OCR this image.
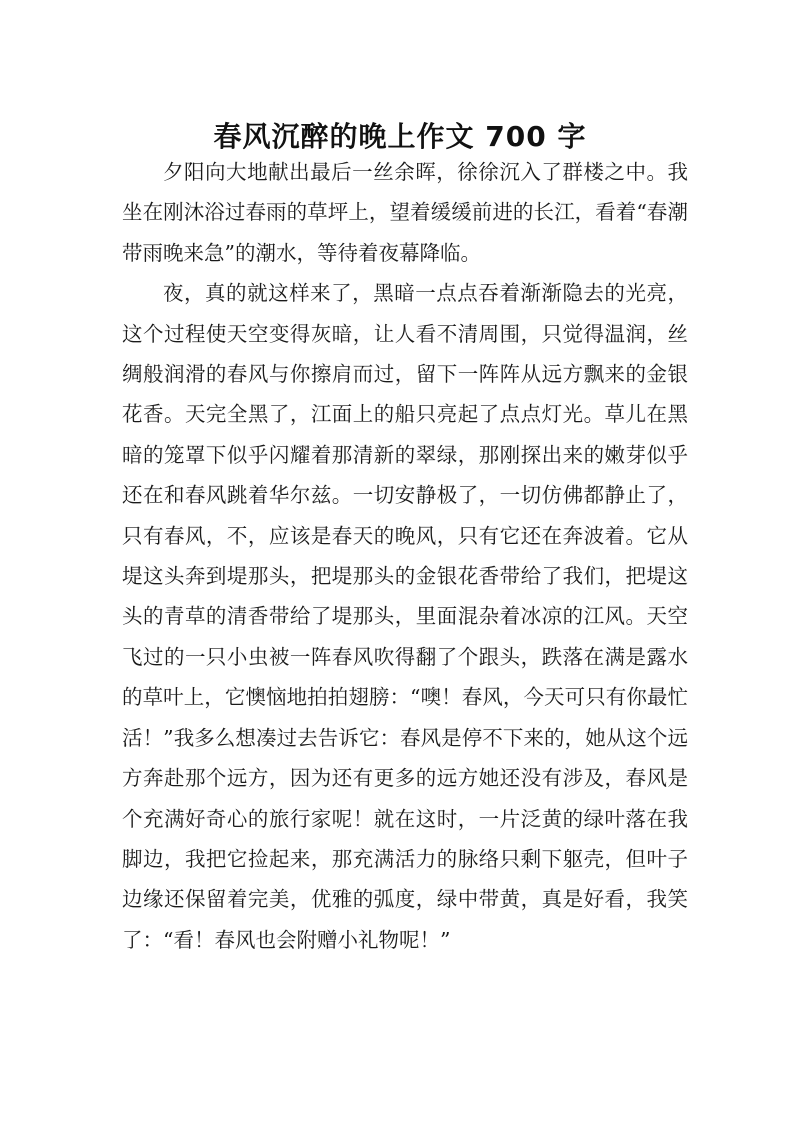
春风沉醉的晚上作文 700 字

夕阳向大地献出最后一丝余晖，徐徐沉入了群楼之中。我坐在刚沐浴过春雨的草坪上，望着缓缓前进的长江，看着“春潮带雨晚来急”的潮水，等待着夜幕降临。

夜，真的就这样来了，黑暗一点点吞着渐渐隐去的光亮，这个过程使天空变得灰暗，让人看不清周围，只觉得温润，丝绸般润滑的春风与你擦肩而过，留下一阵阵从远方飘来的金银花香。天完全黑了，江面上的船只亮起了点点灯光。草儿在黑暗的笼罩下似乎闪耀着那清新的翠绿，那刚探出来的嫩芽似乎还在和春风跳着华尔兹。一切安静极了，一切仿佛都静止了，只有春风，不，应该是春天的晚风，只有它还在奔波着。它从堤这头奔到堤那头，把堤那头的金银花香带给了我们，把堤这头的青草的清香带给了堤那头，里面混杂着冰凉的江风。天空飞过的一只小虫被一阵春风吹得翻了个跟头，跌落在满是露水的草叶上，它懊恼地拍拍翅膀：“噢！春风，今天可只有你最忙活！”我多么想凑过去告诉它：春风是停不下来的，她从这个远方奔赴那个远方，因为还有更多的远方她还没有涉及，春风是个充满好奇心的旅行家呢！就在这时，一片泛黄的绿叶落在我脚边，我把它捡起来，那充满活力的脉络只剩下躯壳，但叶子边缘还保留着完美，优雅的弧度，绿中带黄，真是好看，我笑了：“看！春风也会附赠小礼物呢！”
